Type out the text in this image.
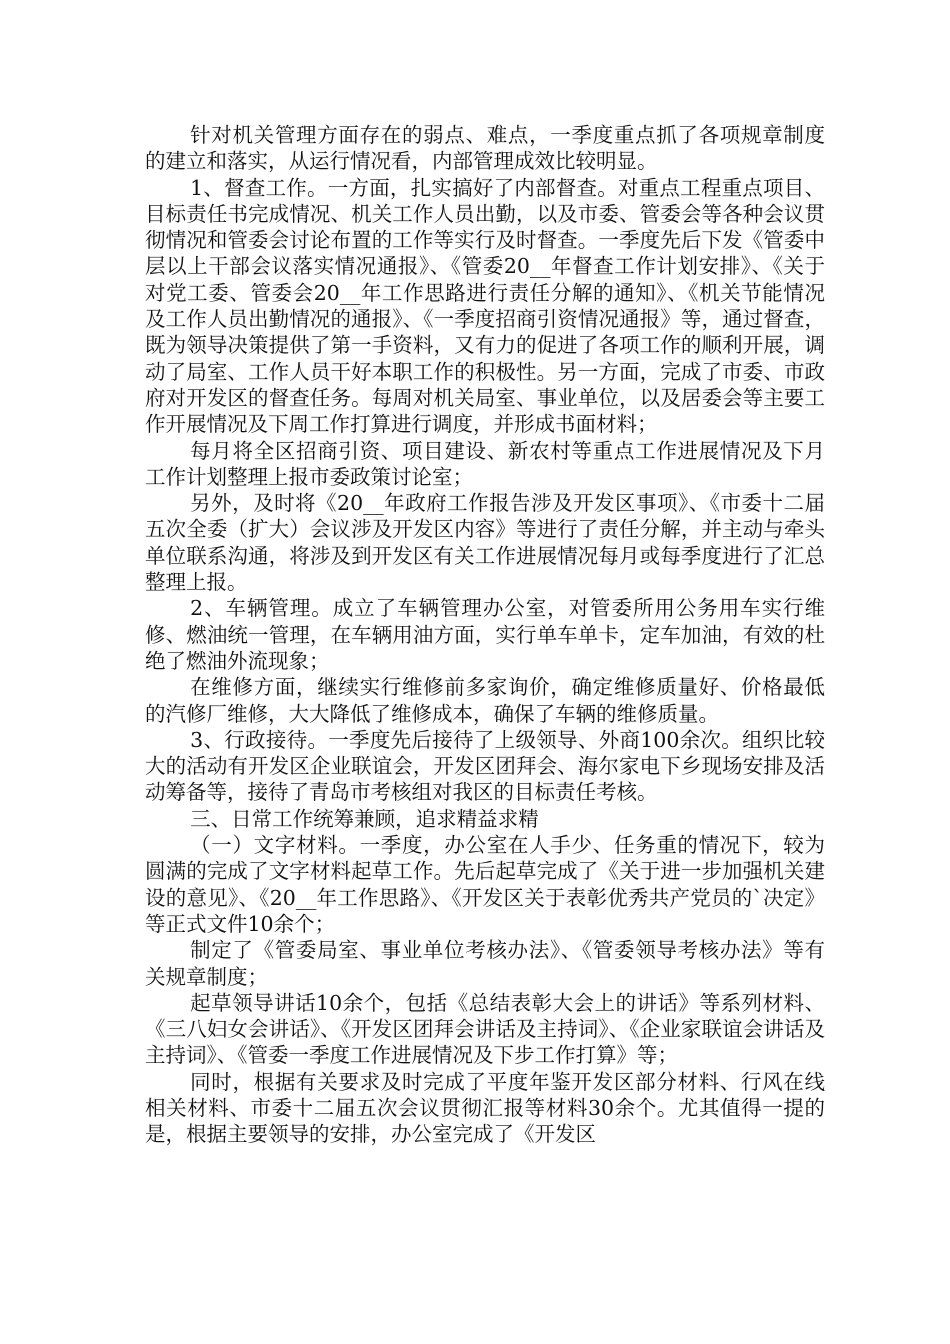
针对机关管理方面存在的弱点、难点，一季度重点抓了各项规章制度的建立和落实，从运行情况看，内部管理成效比较明显。

1、督查工作。一方面，扎实搞好了内部督查。对重点工程重点项目、目标责任书完成情况、机关工作人员出勤，以及市委、管委会等各种会议贯彻情况和管委会讨论布置的工作等实行及时督查。一季度先后下发《管委中层以上干部会议落实情况通报》、《管委20__年督查工作计划安排》、《关于对党工委、管委会20__年工作思路进行责任分解的通知》、《机关节能情况及工作人员出勤情况的通报》、《一季度招商引资情况通报》等，通过督查，既为领导决策提供了第一手资料，又有力的促进了各项工作的顺利开展，调动了局室、工作人员干好本职工作的积极性。另一方面，完成了市委、市政府对开发区的督查任务。每周对机关局室、事业单位，以及居委会等主要工作开展情况及下周工作打算进行调度，并形成书面材料；

每月将全区招商引资、项目建设、新农村等重点工作进展情况及下月工作计划整理上报市委政策讨论室；

另外，及时将《20__年政府工作报告涉及开发区事项》、《市委十二届五次全委（扩大）会议涉及开发区内容》等进行了责任分解，并主动与牵头单位联系沟通，将涉及到开发区有关工作进展情况每月或每季度进行了汇总整理上报。

2、车辆管理。成立了车辆管理办公室，对管委所用公务用车实行维修、燃油统一管理，在车辆用油方面，实行单车单卡，定车加油，有效的杜绝了燃油外流现象；

在维修方面，继续实行维修前多家询价，确定维修质量好、价格最低的汽修厂维修，大大降低了维修成本，确保了车辆的维修质量。

3、行政接待。一季度先后接待了上级领导、外商100余次。组织比较大的活动有开发区企业联谊会，开发区团拜会、海尔家电下乡现场安排及活动筹备等，接待了青岛市考核组对我区的目标责任考核。

三、日常工作统筹兼顾，追求精益求精

（一）文字材料。一季度，办公室在人手少、任务重的情况下，较为圆满的完成了文字材料起草工作。先后起草完成了《关于进一步加强机关建设的意见》、《20__年工作思路》、《开发区关于表彰优秀共产党员的`决定》等正式文件10余个；

制定了《管委局室、事业单位考核办法》、《管委领导考核办法》等有关规章制度；

起草领导讲话10余个，包括《总结表彰大会上的讲话》等系列材料、《三八妇女会讲话》、《开发区团拜会讲话及主持词》、《企业家联谊会讲话及主持词》、《管委一季度工作进展情况及下步工作打算》等；

同时，根据有关要求及时完成了平度年鉴开发区部分材料、行风在线相关材料、市委十二届五次会议贯彻汇报等材料30余个。尤其值得一提的是，根据主要领导的安排，办公室完成了《开发区
